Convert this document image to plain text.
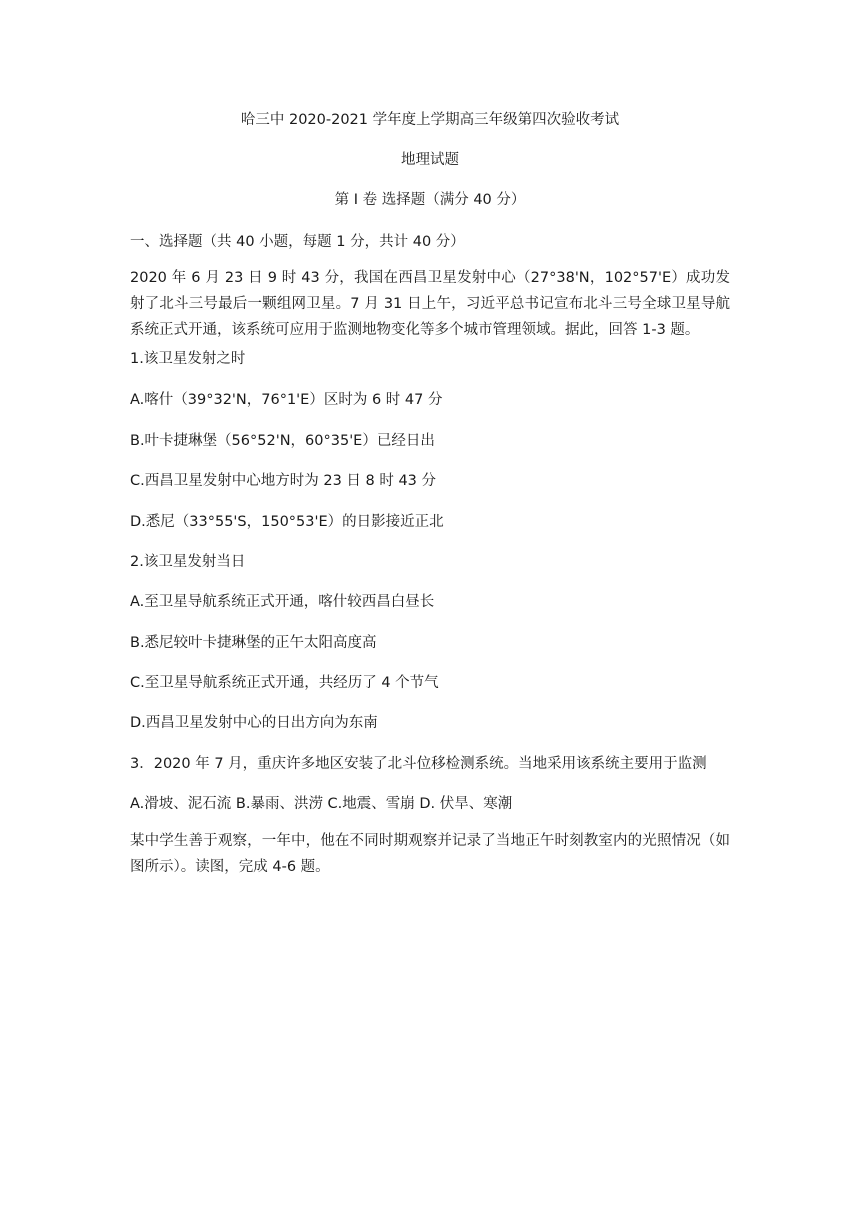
哈三中 2020-2021 学年度上学期高三年级第四次验收考试
地理试题
第 I 卷 选择题（满分 40 分）
一、选择题（共 40 小题，每题 1 分，共计 40 分）
2020 年 6 月 23 日 9 时 43 分，我国在西昌卫星发射中心（27°38'N，102°57'E）成功发射了北斗三号最后一颗组网卫星。7 月 31 日上午，习近平总书记宣布北斗三号全球卫星导航系统正式开通，该系统可应用于监测地物变化等多个城市管理领域。据此，回答 1-3 题。
1.该卫星发射之时
A.喀什（39°32'N，76°1'E）区时为 6 时 47 分
B.叶卡捷琳堡（56°52'N，60°35'E）已经日出
C.西昌卫星发射中心地方时为 23 日 8 时 43 分
D.悉尼（33°55'S，150°53'E）的日影接近正北
2.该卫星发射当日
A.至卫星导航系统正式开通，喀什较西昌白昼长
B.悉尼较叶卡捷琳堡的正午太阳高度高
C.至卫星导航系统正式开通，共经历了 4 个节气
D.西昌卫星发射中心的日出方向为东南
3．2020 年 7 月，重庆许多地区安装了北斗位移检测系统。当地采用该系统主要用于监测
A.滑坡、泥石流 B.暴雨、洪涝 C.地震、雪崩 D. 伏旱、寒潮
某中学生善于观察，一年中，他在不同时期观察并记录了当地正午时刻教室内的光照情况（如图所示）。读图，完成 4-6 题。
